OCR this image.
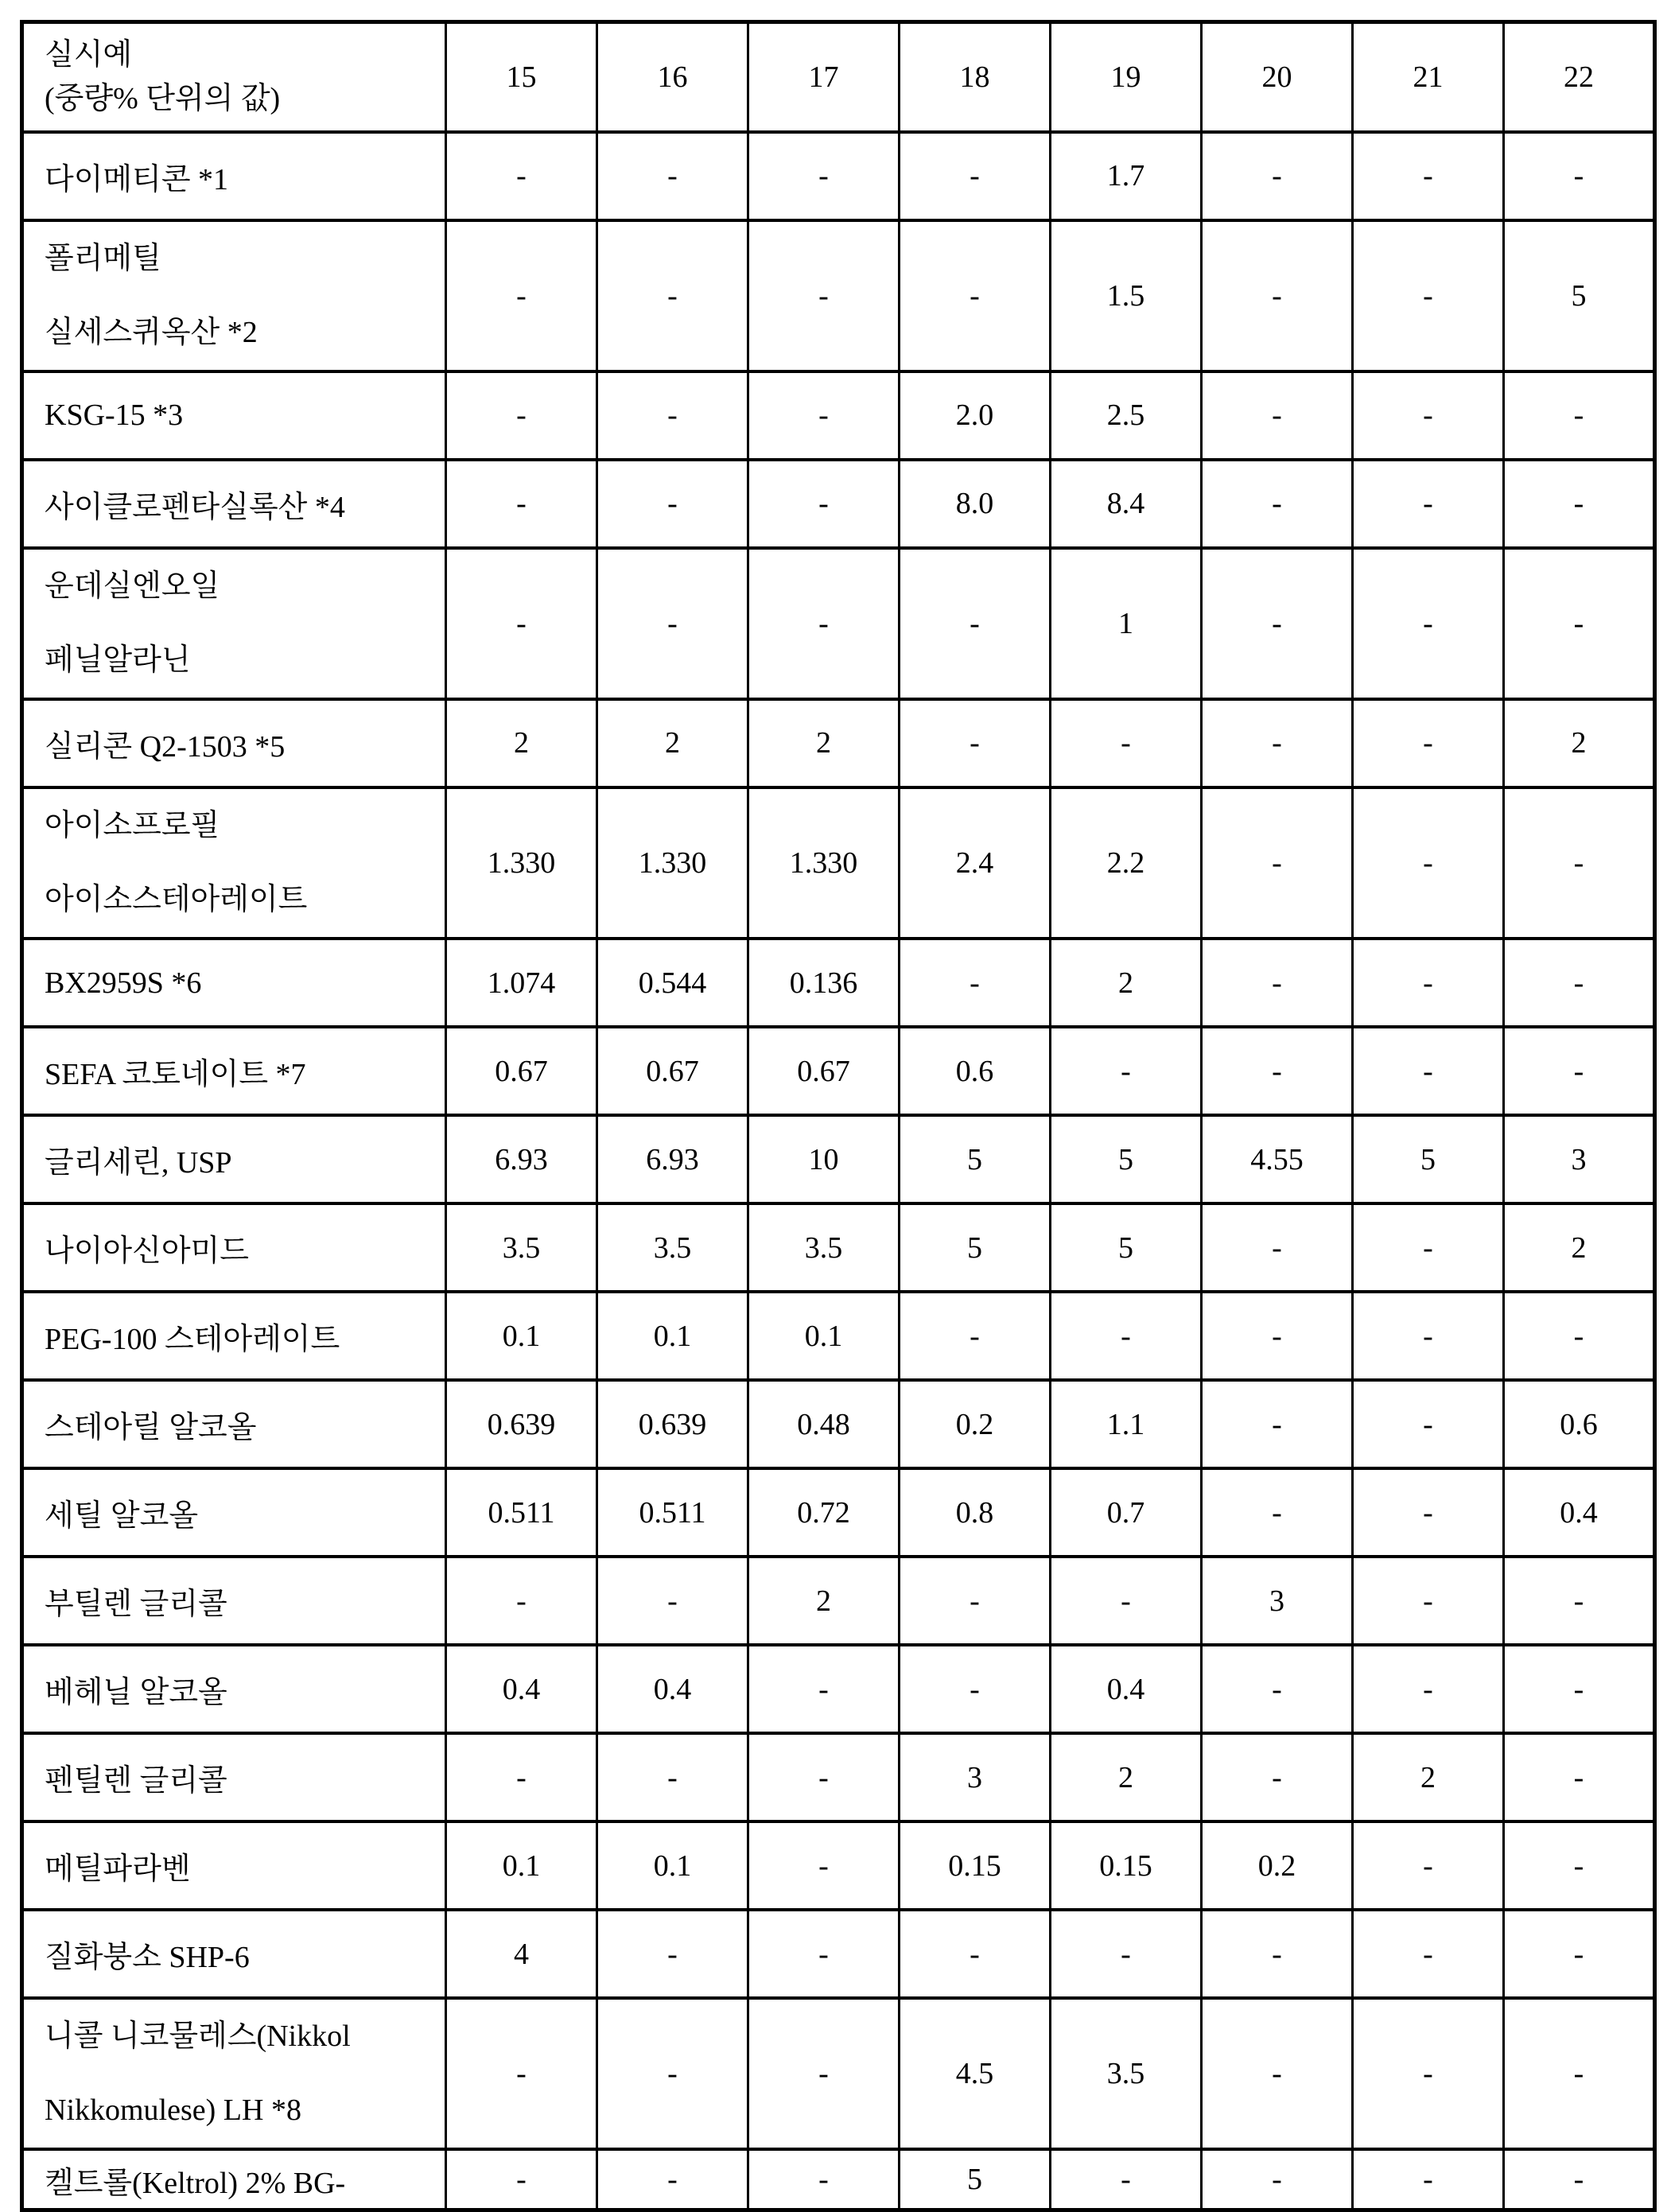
실시예
(중량% 단위의 값)	15	16	17	18	19	20	21	22

다이메티콘 *1	-	-	-	-	1.7	-	-	-

폴리메틸
실세스퀴옥산 *2	-	-	-	-	1.5	-	-	5

KSG-15 *3	-	-	-	2.0	2.5	-	-	-

사이클로펜타실록산 *4	-	-	-	8.0	8.4	-	-	-

운데실엔오일
페닐알라닌	-	-	-	-	1	-	-	-

실리콘 Q2-1503 *5	2	2	2	-	-	-	-	2

아이소프로필
아이소스테아레이트	1.330	1.330	1.330	2.4	2.2	-	-	-

BX2959S *6	1.074	0.544	0.136	-	2	-	-	-

SEFA 코토네이트 *7	0.67	0.67	0.67	0.6	-	-	-	-

글리세린, USP	6.93	6.93	10	5	5	4.55	5	3

나이아신아미드	3.5	3.5	3.5	5	5	-	-	2

PEG-100 스테아레이트	0.1	0.1	0.1	-	-	-	-	-

스테아릴 알코올	0.639	0.639	0.48	0.2	1.1	-	-	0.6

세틸 알코올	0.511	0.511	0.72	0.8	0.7	-	-	0.4

부틸렌 글리콜	-	-	2	-	-	3	-	-

베헤닐 알코올	0.4	0.4	-	-	0.4	-	-	-

펜틸렌 글리콜	-	-	-	3	2	-	2	-

메틸파라벤	0.1	0.1	-	0.15	0.15	0.2	-	-

질화붕소 SHP-6	4	-	-	-	-	-	-	-

니콜 니코물레스(Nikkol
Nikkomulese) LH *8	-	-	-	4.5	3.5	-	-	-

켈트롤(Keltrol) 2% BG-	-	-	-	5	-	-	-	-
